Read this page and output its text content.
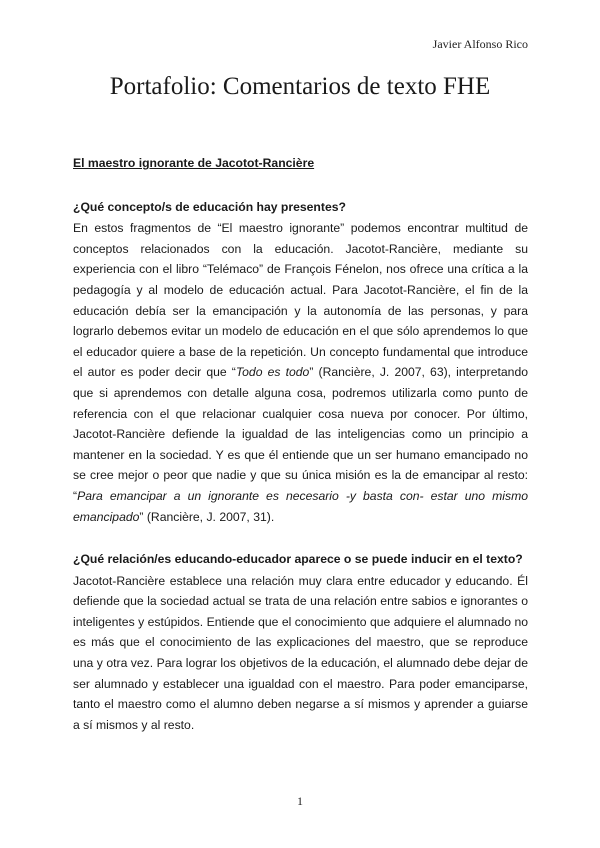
Javier Alfonso Rico
Portafolio: Comentarios de texto FHE
El maestro ignorante de Jacotot-Rancière
¿Qué concepto/s de educación hay presentes?

En estos fragmentos de “El maestro ignorante” podemos encontrar multitud de conceptos relacionados con la educación. Jacotot-Rancière, mediante su experiencia con el libro “Telémaco” de François Fénelon, nos ofrece una crítica a la pedagogía y al modelo de educación actual. Para Jacotot-Rancière, el fin de la educación debía ser la emancipación y la autonomía de las personas, y para lograrlo debemos evitar un modelo de educación en el que sólo aprendemos lo que el educador quiere a base de la repetición. Un concepto fundamental que introduce el autor es poder decir que “Todo es todo” (Rancière, J. 2007, 63), interpretando que si aprendemos con detalle alguna cosa, podremos utilizarla como punto de referencia con el que relacionar cualquier cosa nueva por conocer. Por último, Jacotot-Rancière defiende la igualdad de las inteligencias como un principio a mantener en la sociedad. Y es que él entiende que un ser humano emancipado no se cree mejor o peor que nadie y que su única misión es la de emancipar al resto: “Para emancipar a un ignorante es necesario -y basta con- estar uno mismo emancipado” (Rancière, J. 2007, 31).

¿Qué relación/es educando-educador aparece o se puede inducir en el texto?

Jacotot-Rancière establece una relación muy clara entre educador y educando. Él defiende que la sociedad actual se trata de una relación entre sabios e ignorantes o inteligentes y estúpidos. Entiende que el conocimiento que adquiere el alumnado no es más que el conocimiento de las explicaciones del maestro, que se reproduce una y otra vez. Para lograr los objetivos de la educación, el alumnado debe dejar de ser alumnado y establecer una igualdad con el maestro. Para poder emanciparse, tanto el maestro como el alumno deben negarse a sí mismos y aprender a guiarse a sí mismos y al resto.

1
